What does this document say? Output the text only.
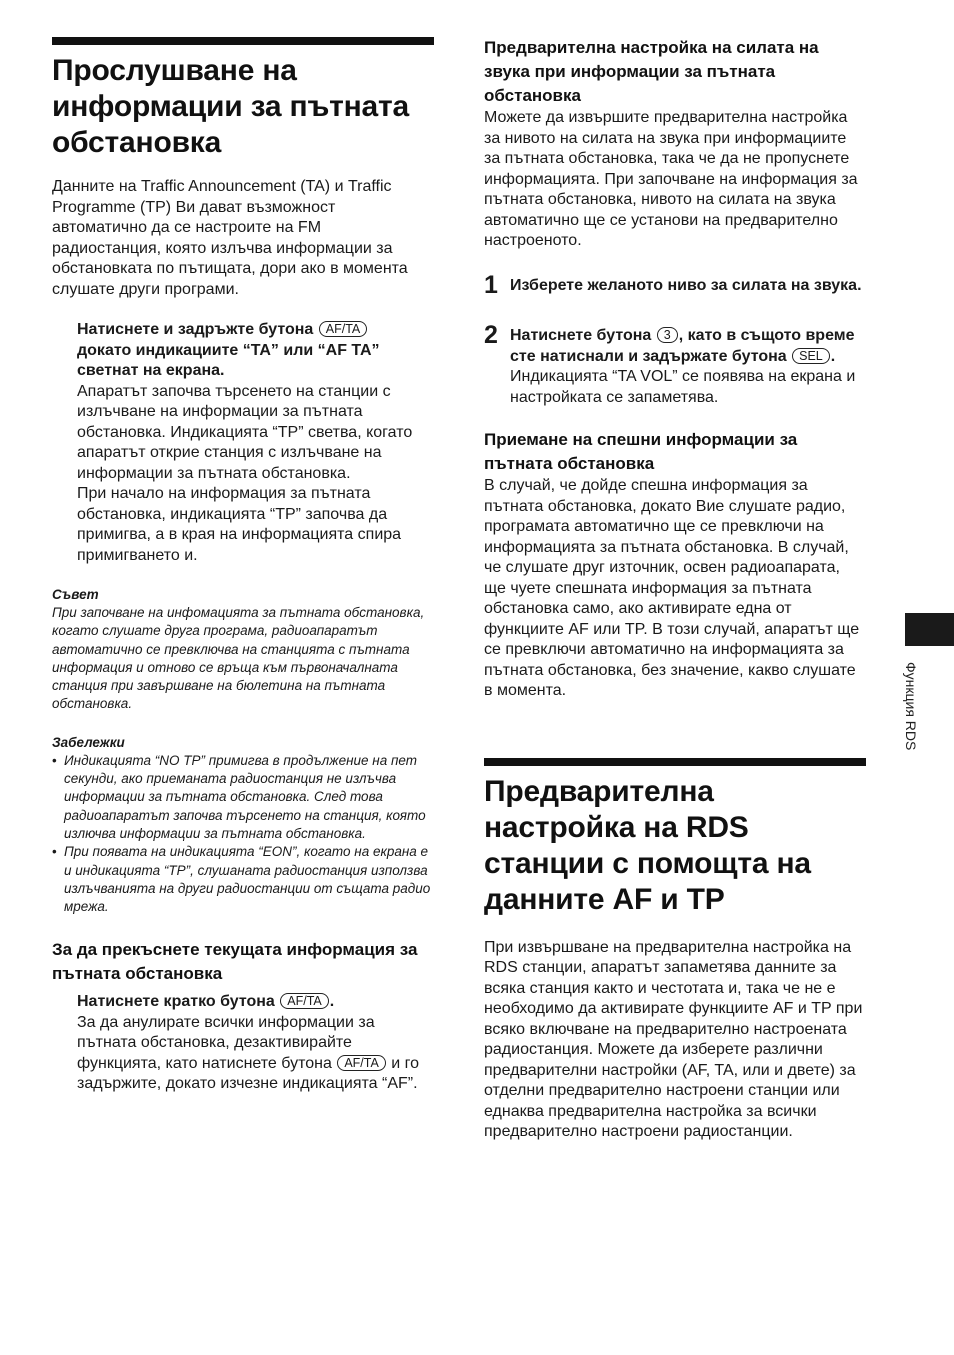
Прослушване на информации за пътната обстановка

Данните на Traffic Announcement (TA) и Traffic Programme (TP) Ви дават възможност автоматично да се настроите на FM радиостанция, която излъчва информации за обстановката по пътищата, дори ако в момента слушате други програми.

Натиснете и задръжте бутона AF/TA
докато индикациите “TA” или “AF TA” светнат на екрана.

Апаратът започва търсенето на станции с излъчване на информации за пътната обстановка. Индикацията “TP” светва, когато апаратът открие станция с излъчване на информации за пътната обстановка.

При начало на информация за пътната обстановка, индикацията “TP” започва да примигва, а в края на информацията спира примигването и.

Съвет

При започване на инфомацията за пътната обстановка, когато слушате друга програма, радиоапаратът автоматично се превключва на станцията с пътната информация и отново се връща към първоначалната станция при завършване на бюлетина на пътната обстановка.

Забележки

• Индикацията “NO TP” примигва в продължение на пет секунди, ако приеманата радиостанция не излъчва информации за пътната обстановка. След това радиоапаратът започва търсенето на станция, която излючва информации за пътната обстановка.
• При появата на индикацията “EON”, когато на екрана е и индикацията “TP”, слушаната радиостанция използва излъчванията на други радиостанции от същата радио мрежа.
За да прекъснете текущата информация за пътната обстановка

Натиснете кратко бутона AF/TA .

За да анулирате всички информации за пътната обстановка, дезактивирайте функцията, като натиснете бутона AF/TA и го задържите, докато изчезне индикацията “AF”.

Предварителна настройка на силата на звука при информации за пътната обстановка

Можете да извършите предварителна настройка за нивото на силата на звука при информациите за пътната обстановка, така че да не пропуснете информацията. При започване на информация за пътната обстановка, нивото на силата на звука автоматично ще се установи на предварително настроеното.

1 Изберете желаното ниво за силата на звука.

2 Натиснете бутона 3 , като в същото време сте натиснали и задържате бутона SEL .

Индикацията “TA VOL” се появява на екрана и настройката се запаметява.

Приемане на спешни информации за пътната обстановка

В случай, че дойде спешна информация за пътната обстановка, докато Вие слушате радио, програмата автоматично ще се превключи на информацията за пътната обстановка. В случай, че слушате друг източник, освен радиоапарата, ще чуете спешната информация за пътната обстановка само, ако активирате една от функциите AF или TP. В този случай, апаратът ще се превключи автоматично на информацията за пътната обстановка, без значение, какво слушате в момента.

Предварителна настройка на RDS станции с помощта на данните AF и TP

При извършване на предварителна настройка на RDS станции, апаратът запаметява данните за всяка станция както и честотата и, така че не е необходимо да активирате функциите AF и TP при всяко включване на предварително настроената радиостанция. Можете да изберете различни предварителни настройки (AF, TA, или и двете) за отделни предварително настроени станции или еднаква предварителна настройка за всички предварително настроени радиостанции.

Функция RDS
